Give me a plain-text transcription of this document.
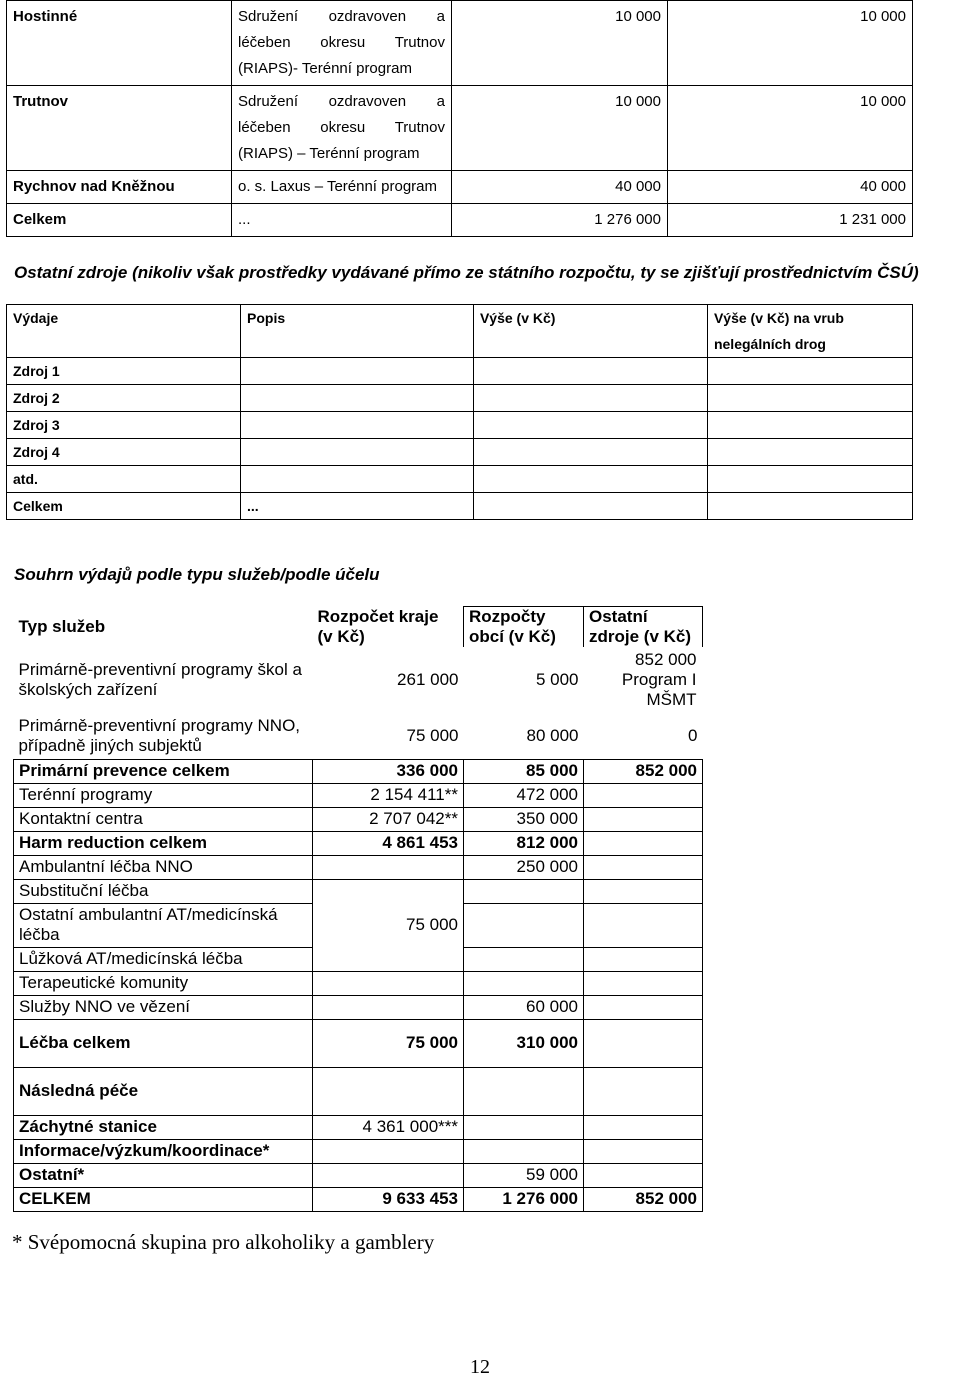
Hostinné	Sdružení ozdravoven a
léčeben okresu Trutnov
(RIAPS)- Terénní program	10 000	10 000
Trutnov	Sdružení ozdravoven a
léčeben okresu Trutnov
(RIAPS) – Terénní program	10 000	10 000
Rychnov nad Kněžnou	o. s. Laxus – Terénní program	40 000	40 000
Celkem	...	1 276 000	1 231 000
Ostatní zdroje (nikoliv však prostředky vydávané přímo ze státního rozpočtu, ty se zjišťují prostřednictvím ČSÚ)
Výdaje	Popis	Výše (v Kč)	Výše (v Kč) na vrub nelegálních drog

Zdroj 1			
Zdroj 2			
Zdroj 3			
Zdroj 4			
atd.			
Celkem	...		
Souhrn výdajů podle typu služeb/podle účelu
Typ služeb	Rozpočet kraje (v Kč)	Rozpočty obcí (v Kč)	Ostatní zdroje (v Kč)
Primárně-preventivní programy škol a školských zařízení	261 000	5 000	852 000 Program I MŠMT
Primárně-preventivní programy NNO, případně jiných subjektů	75 000	80 000	0
Primární prevence celkem	336 000	85 000	852 000
Terénní programy	2 154 411**	472 000	
Kontaktní centra	2 707 042**	350 000	
Harm reduction celkem	4 861 453	812 000	
Ambulantní léčba NNO		250 000	
Substituční léčba	75 000		
Ostatní ambulantní AT/medicínská léčba			
Lůžková AT/medicínská léčba			
Terapeutické komunity			
Služby NNO ve vězení		60 000	
Léčba celkem	75 000	310 000	
Následná péče			
Záchytné stanice	4 361 000***		
Informace/výzkum/koordinace*			
Ostatní*		59 000	
CELKEM	9 633 453	1 276 000	852 000
* Svépomocná skupina pro alkoholiky a gamblery
12
